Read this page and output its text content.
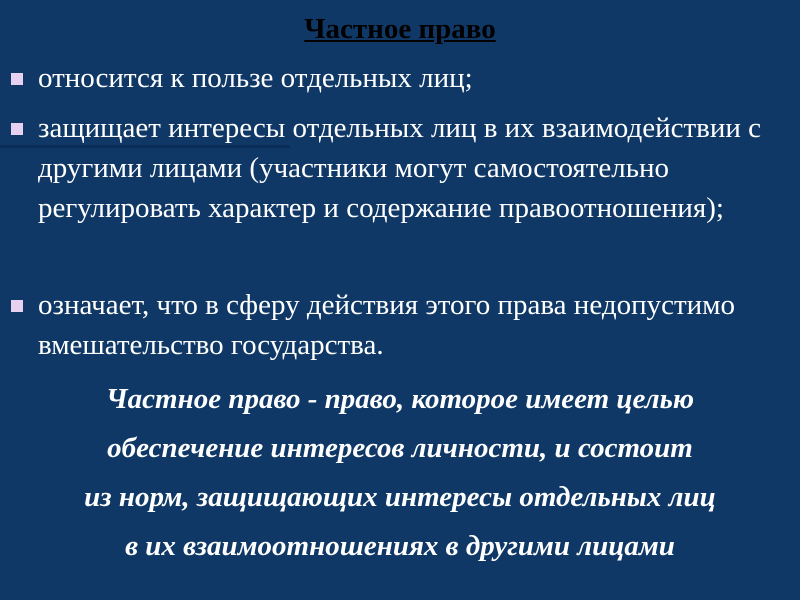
Частное право

относится к пользе отдельных лиц;

защищает интересы отдельных лиц в их взаимодействии с другими лицами (участники могут самостоятельно регулировать характер и содержание правоотношения);

означает, что в сферу действия этого права недопустимо вмешательство государства.

Частное право - право, которое имеет целью
обеспечение интересов личности, и состоит
из норм, защищающих интересы отдельных лиц
в их взаимоотношениях в другими лицами
